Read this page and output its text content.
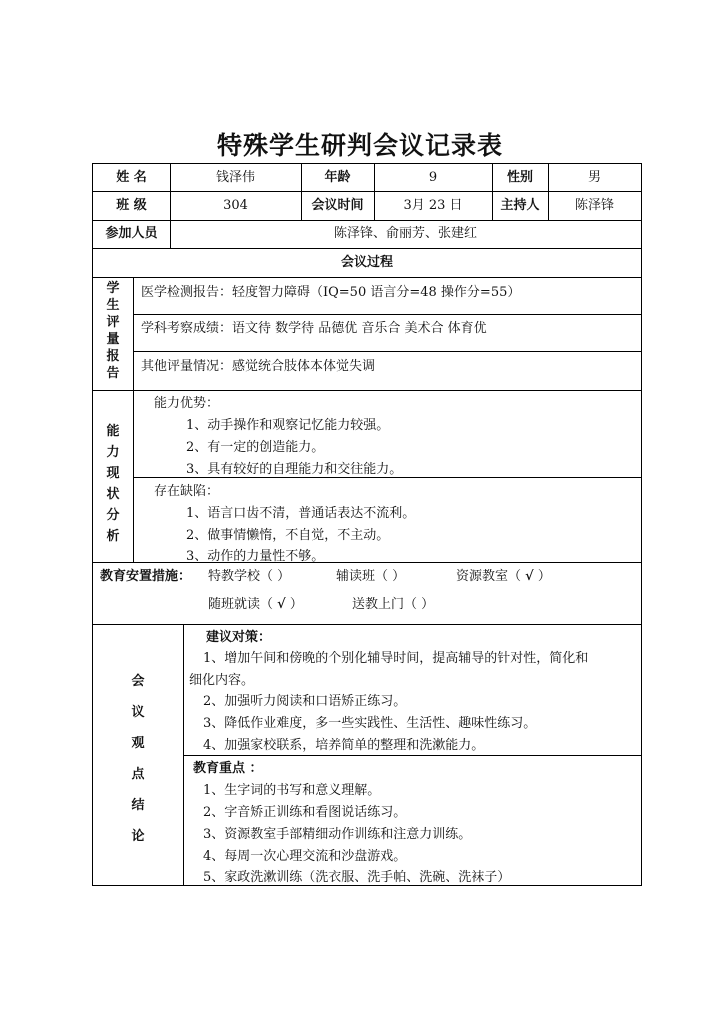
特殊学生研判会议记录表
姓 名	钱泽伟	年龄	9	性别	男
班 级	304	会议时间	3月 23 日	主持人	陈泽锋
参加人员	陈泽锋、俞丽芳、张建红
会议过程
学
生
评
量
报
告
医学检测报告：轻度智力障碍（IQ=50 语言分=48 操作分=55）
学科考察成绩：语文待 数学待 品德优 音乐合 美术合 体育优
其他评量情况：感觉统合肢体本体觉失调
能
力
现
状
分
析
能力优势：
1、动手操作和观察记忆能力较强。
2、有一定的创造能力。
3、具有较好的自理能力和交往能力。
存在缺陷：
1、语言口齿不清，普通话表达不流利。
2、做事情懒惰，不自觉，不主动。
3、动作的力量性不够。
教育安置措施： 特教学校（ ）	辅读班（ ）	资源教室（ √ ）
随班就读（ √ ）	送教上门（ ）
会
议
观
点
结
论
建议对策：
1、增加午间和傍晚的个别化辅导时间，提高辅导的针对性，简化和
细化内容。
2、加强听力阅读和口语矫正练习。
3、降低作业难度，多一些实践性、生活性、趣味性练习。
4、加强家校联系，培养简单的整理和洗漱能力。
教育重点 ：
1、生字词的书写和意义理解。
2、字音矫正训练和看图说话练习。
3、资源教室手部精细动作训练和注意力训练。
4、每周一次心理交流和沙盘游戏。
5、家政洗漱训练（洗衣服、洗手帕、洗碗、洗袜子）
